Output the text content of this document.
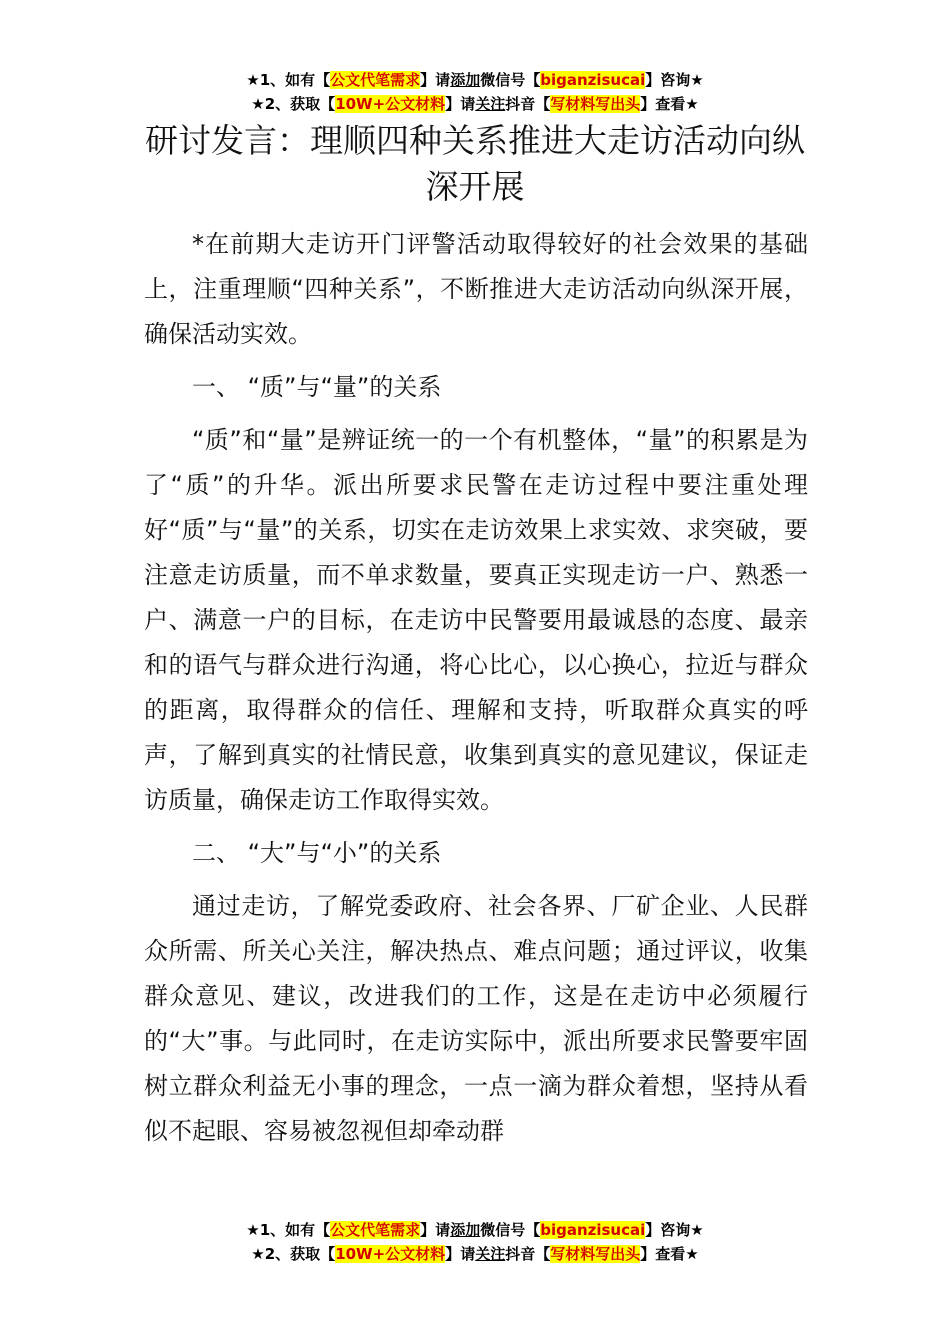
★1、如有【公文代笔需求】请添加微信号【biganzisucai】咨询★
★2、获取【10W+公文材料】请关注抖音【写材料写出头】查看★
研讨发言：理顺四种关系推进大走访活动向纵深开展

*在前期大走访开门评警活动取得较好的社会效果的基础上，注重理顺“四种关系”，不断推进大走访活动向纵深开展，确保活动实效。

一、 “质”与“量”的关系

“质”和“量”是辨证统一的一个有机整体，“量”的积累是为了“质”的升华。派出所要求民警在走访过程中要注重处理好“质”与“量”的关系，切实在走访效果上求实效、求突破，要注意走访质量，而不单求数量，要真正实现走访一户、熟悉一户、满意一户的目标，在走访中民警要用最诚恳的态度、最亲和的语气与群众进行沟通，将心比心，以心换心，拉近与群众的距离，取得群众的信任、理解和支持，听取群众真实的呼声，了解到真实的社情民意，收集到真实的意见建议，保证走访质量，确保走访工作取得实效。

二、 “大”与“小”的关系

通过走访，了解党委政府、社会各界、厂矿企业、人民群众所需、所关心关注，解决热点、难点问题；通过评议，收集群众意见、建议，改进我们的工作，这是在走访中必须履行的“大”事。与此同时，在走访实际中，派出所要求民警要牢固树立群众利益无小事的理念，一点一滴为群众着想，坚持从看似不起眼、容易被忽视但却牵动群

★1、如有【公文代笔需求】请添加微信号【biganzisucai】咨询★
★2、获取【10W+公文材料】请关注抖音【写材料写出头】查看★
